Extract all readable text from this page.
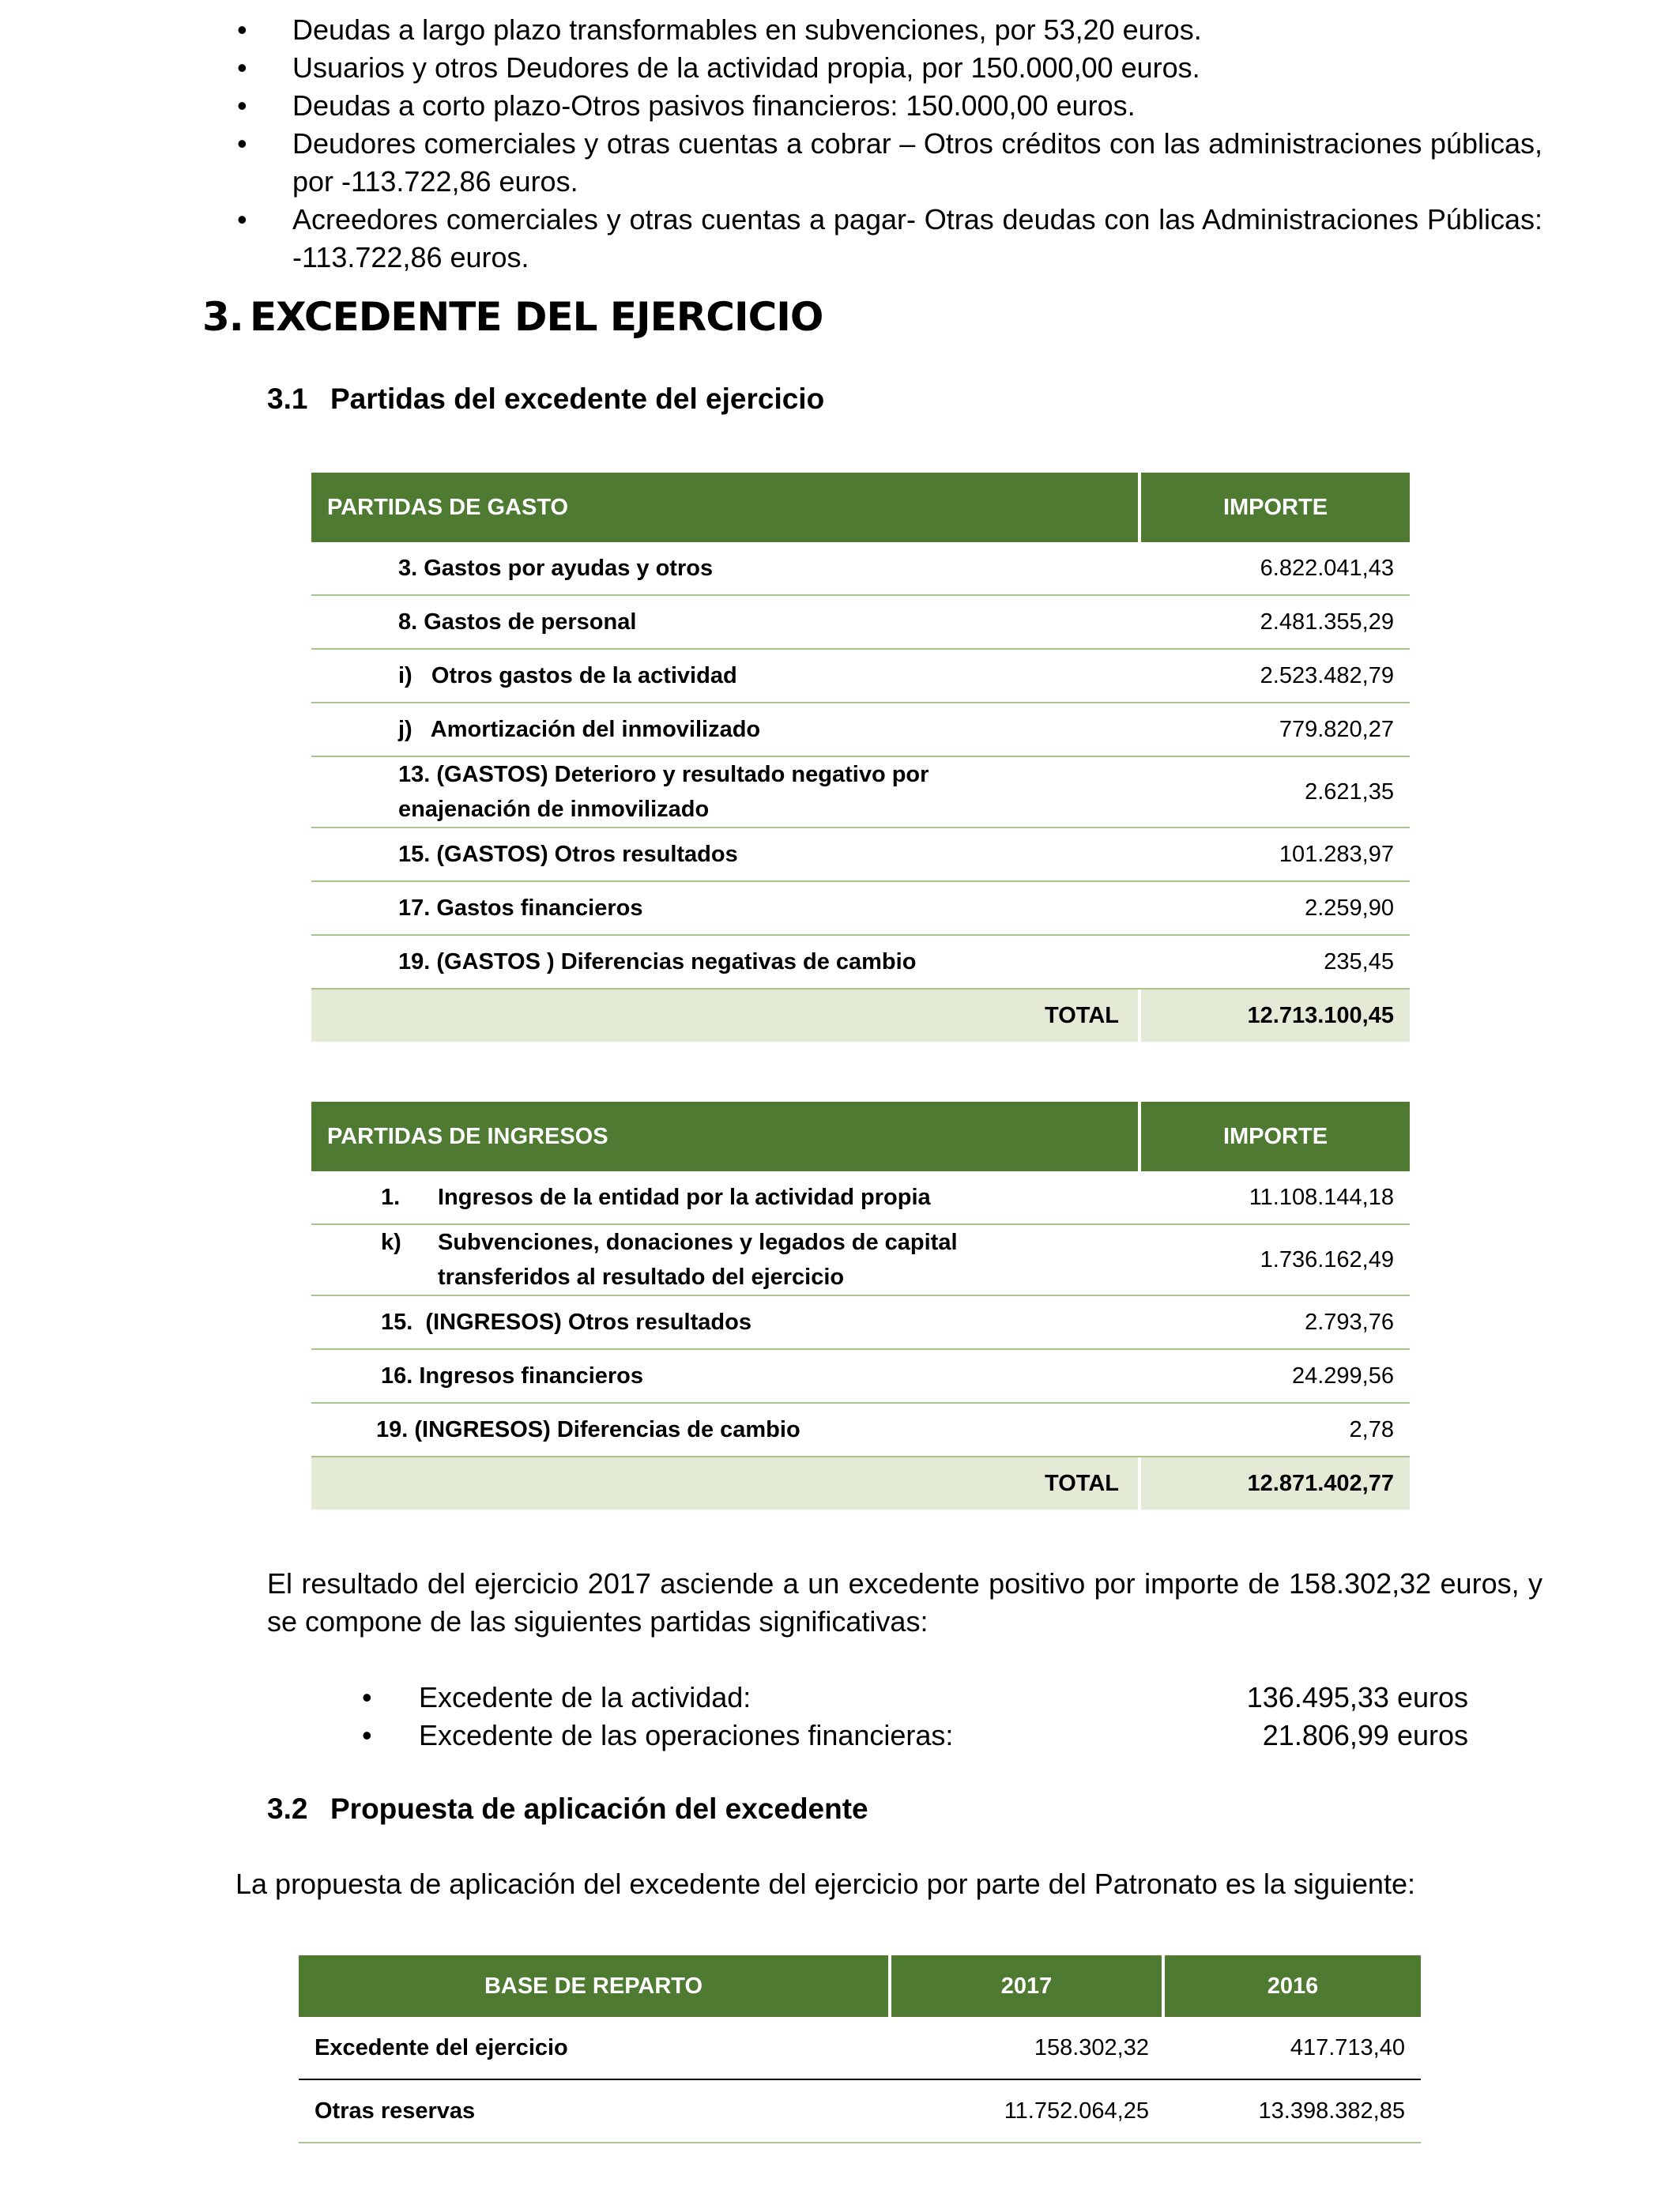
• Deudas a largo plazo transformables en subvenciones, por 53,20 euros.
• Usuarios y otros Deudores de la actividad propia, por 150.000,00 euros.
• Deudas a corto plazo-Otros pasivos financieros: 150.000,00 euros.
• Deudores comerciales y otras cuentas a cobrar – Otros créditos con las administraciones públicas, por -113.722,86 euros.
• Acreedores comerciales y otras cuentas a pagar- Otras deudas con las Administraciones Públicas: -113.722,86 euros.
3. EXCEDENTE DEL EJERCICIO
3.1 Partidas del excedente del ejercicio
PARTIDAS DE GASTO	IMPORTE
3. Gastos por ayudas y otros	6.822.041,43
8. Gastos de personal	2.481.355,29
i)   Otros gastos de la actividad	2.523.482,79
j)   Amortización del inmovilizado	779.820,27
13. (GASTOS) Deterioro y resultado negativo por enajenación de inmovilizado	2.621,35
15. (GASTOS) Otros resultados	101.283,97
17. Gastos financieros	2.259,90
19. (GASTOS ) Diferencias negativas de cambio	235,45
TOTAL	12.713.100,45
PARTIDAS DE INGRESOS		IMPORTE
1.	Ingresos de la entidad por la actividad propia	11.108.144,18
k)	Subvenciones, donaciones y legados de capital transferidos al resultado del ejercicio	1.736.162,49
15.  (INGRESOS) Otros resultados		2.793,76
16. Ingresos financieros		24.299,56
19. (INGRESOS) Diferencias de cambio		2,78
TOTAL		12.871.402,77

El resultado del ejercicio 2017 asciende a un excedente positivo por importe de 158.302,32 euros, y se compone de las siguientes partidas significativas:

• Excedente de la actividad:	136.495,33 euros
• Excedente de las operaciones financieras:	21.806,99 euros
3.2 Propuesta de aplicación del excedente

La propuesta de aplicación del excedente del ejercicio por parte del Patronato es la siguiente:

BASE DE REPARTO	2017	2016
Excedente del ejercicio	158.302,32	417.713,40
Otras reservas	11.752.064,25	13.398.382,85
